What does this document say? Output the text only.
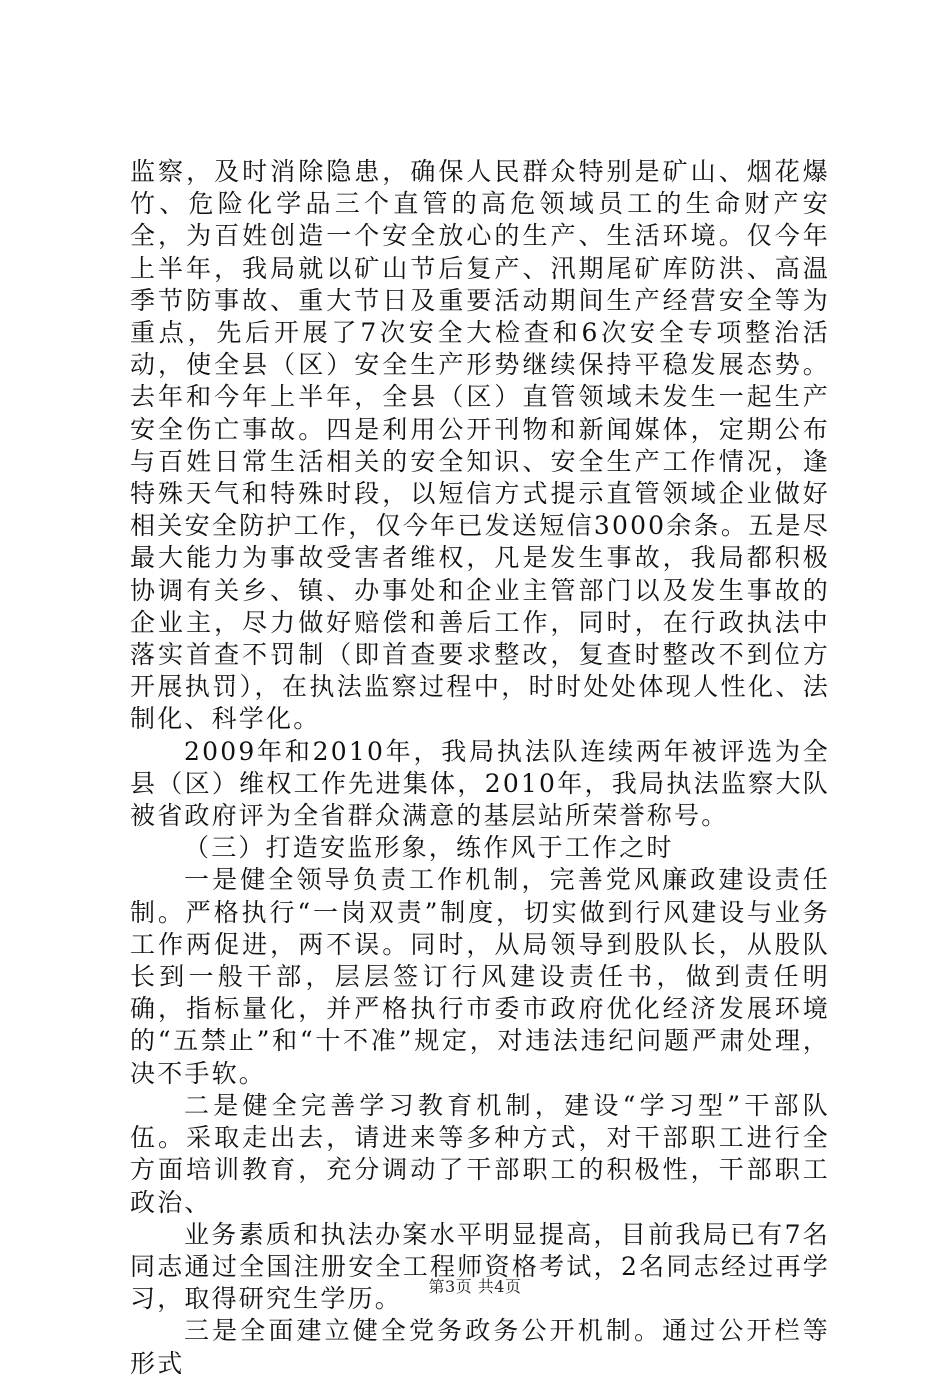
监察，及时消除隐患，确保人民群众特别是矿山、烟花爆竹、危险化学品三个直管的高危领域员工的生命财产安全，为百姓创造一个安全放心的生产、生活环境。仅今年上半年，我局就以矿山节后复产、汛期尾矿库防洪、高温季节防事故、重大节日及重要活动期间生产经营安全等为重点，先后开展了7次安全大检查和6次安全专项整治活动，使全县（区）安全生产形势继续保持平稳发展态势。去年和今年上半年，全县（区）直管领域未发生一起生产安全伤亡事故。四是利用公开刊物和新闻媒体，定期公布与百姓日常生活相关的安全知识、安全生产工作情况，逢特殊天气和特殊时段，以短信方式提示直管领域企业做好相关安全防护工作，仅今年已发送短信3000余条。五是尽最大能力为事故受害者维权，凡是发生事故，我局都积极协调有关乡、镇、办事处和企业主管部门以及发生事故的企业主，尽力做好赔偿和善后工作，同时，在行政执法中落实首查不罚制（即首查要求整改，复查时整改不到位方开展执罚），在执法监察过程中，时时处处体现人性化、法制化、科学化。

2009年和2010年，我局执法队连续两年被评选为全县（区）维权工作先进集体，2010年，我局执法监察大队被省政府评为全省群众满意的基层站所荣誉称号。

（三）打造安监形象，练作风于工作之时

一是健全领导负责工作机制，完善党风廉政建设责任制。严格执行“一岗双责”制度，切实做到行风建设与业务工作两促进，两不误。同时，从局领导到股队长，从股队长到一般干部，层层签订行风建设责任书，做到责任明确，指标量化，并严格执行市委市政府优化经济发展环境的“五禁止”和“十不准”规定，对违法违纪问题严肃处理，决不手软。

二是健全完善学习教育机制，建设“学习型”干部队伍。采取走出去，请进来等多种方式，对干部职工进行全方面培训教育，充分调动了干部职工的积极性，干部职工政治、

业务素质和执法办案水平明显提高，目前我局已有7名同志通过全国注册安全工程师资格考试，2名同志经过再学习，取得研究生学历。

三是全面建立健全党务政务公开机制。通过公开栏等形式

第3页 共4页
